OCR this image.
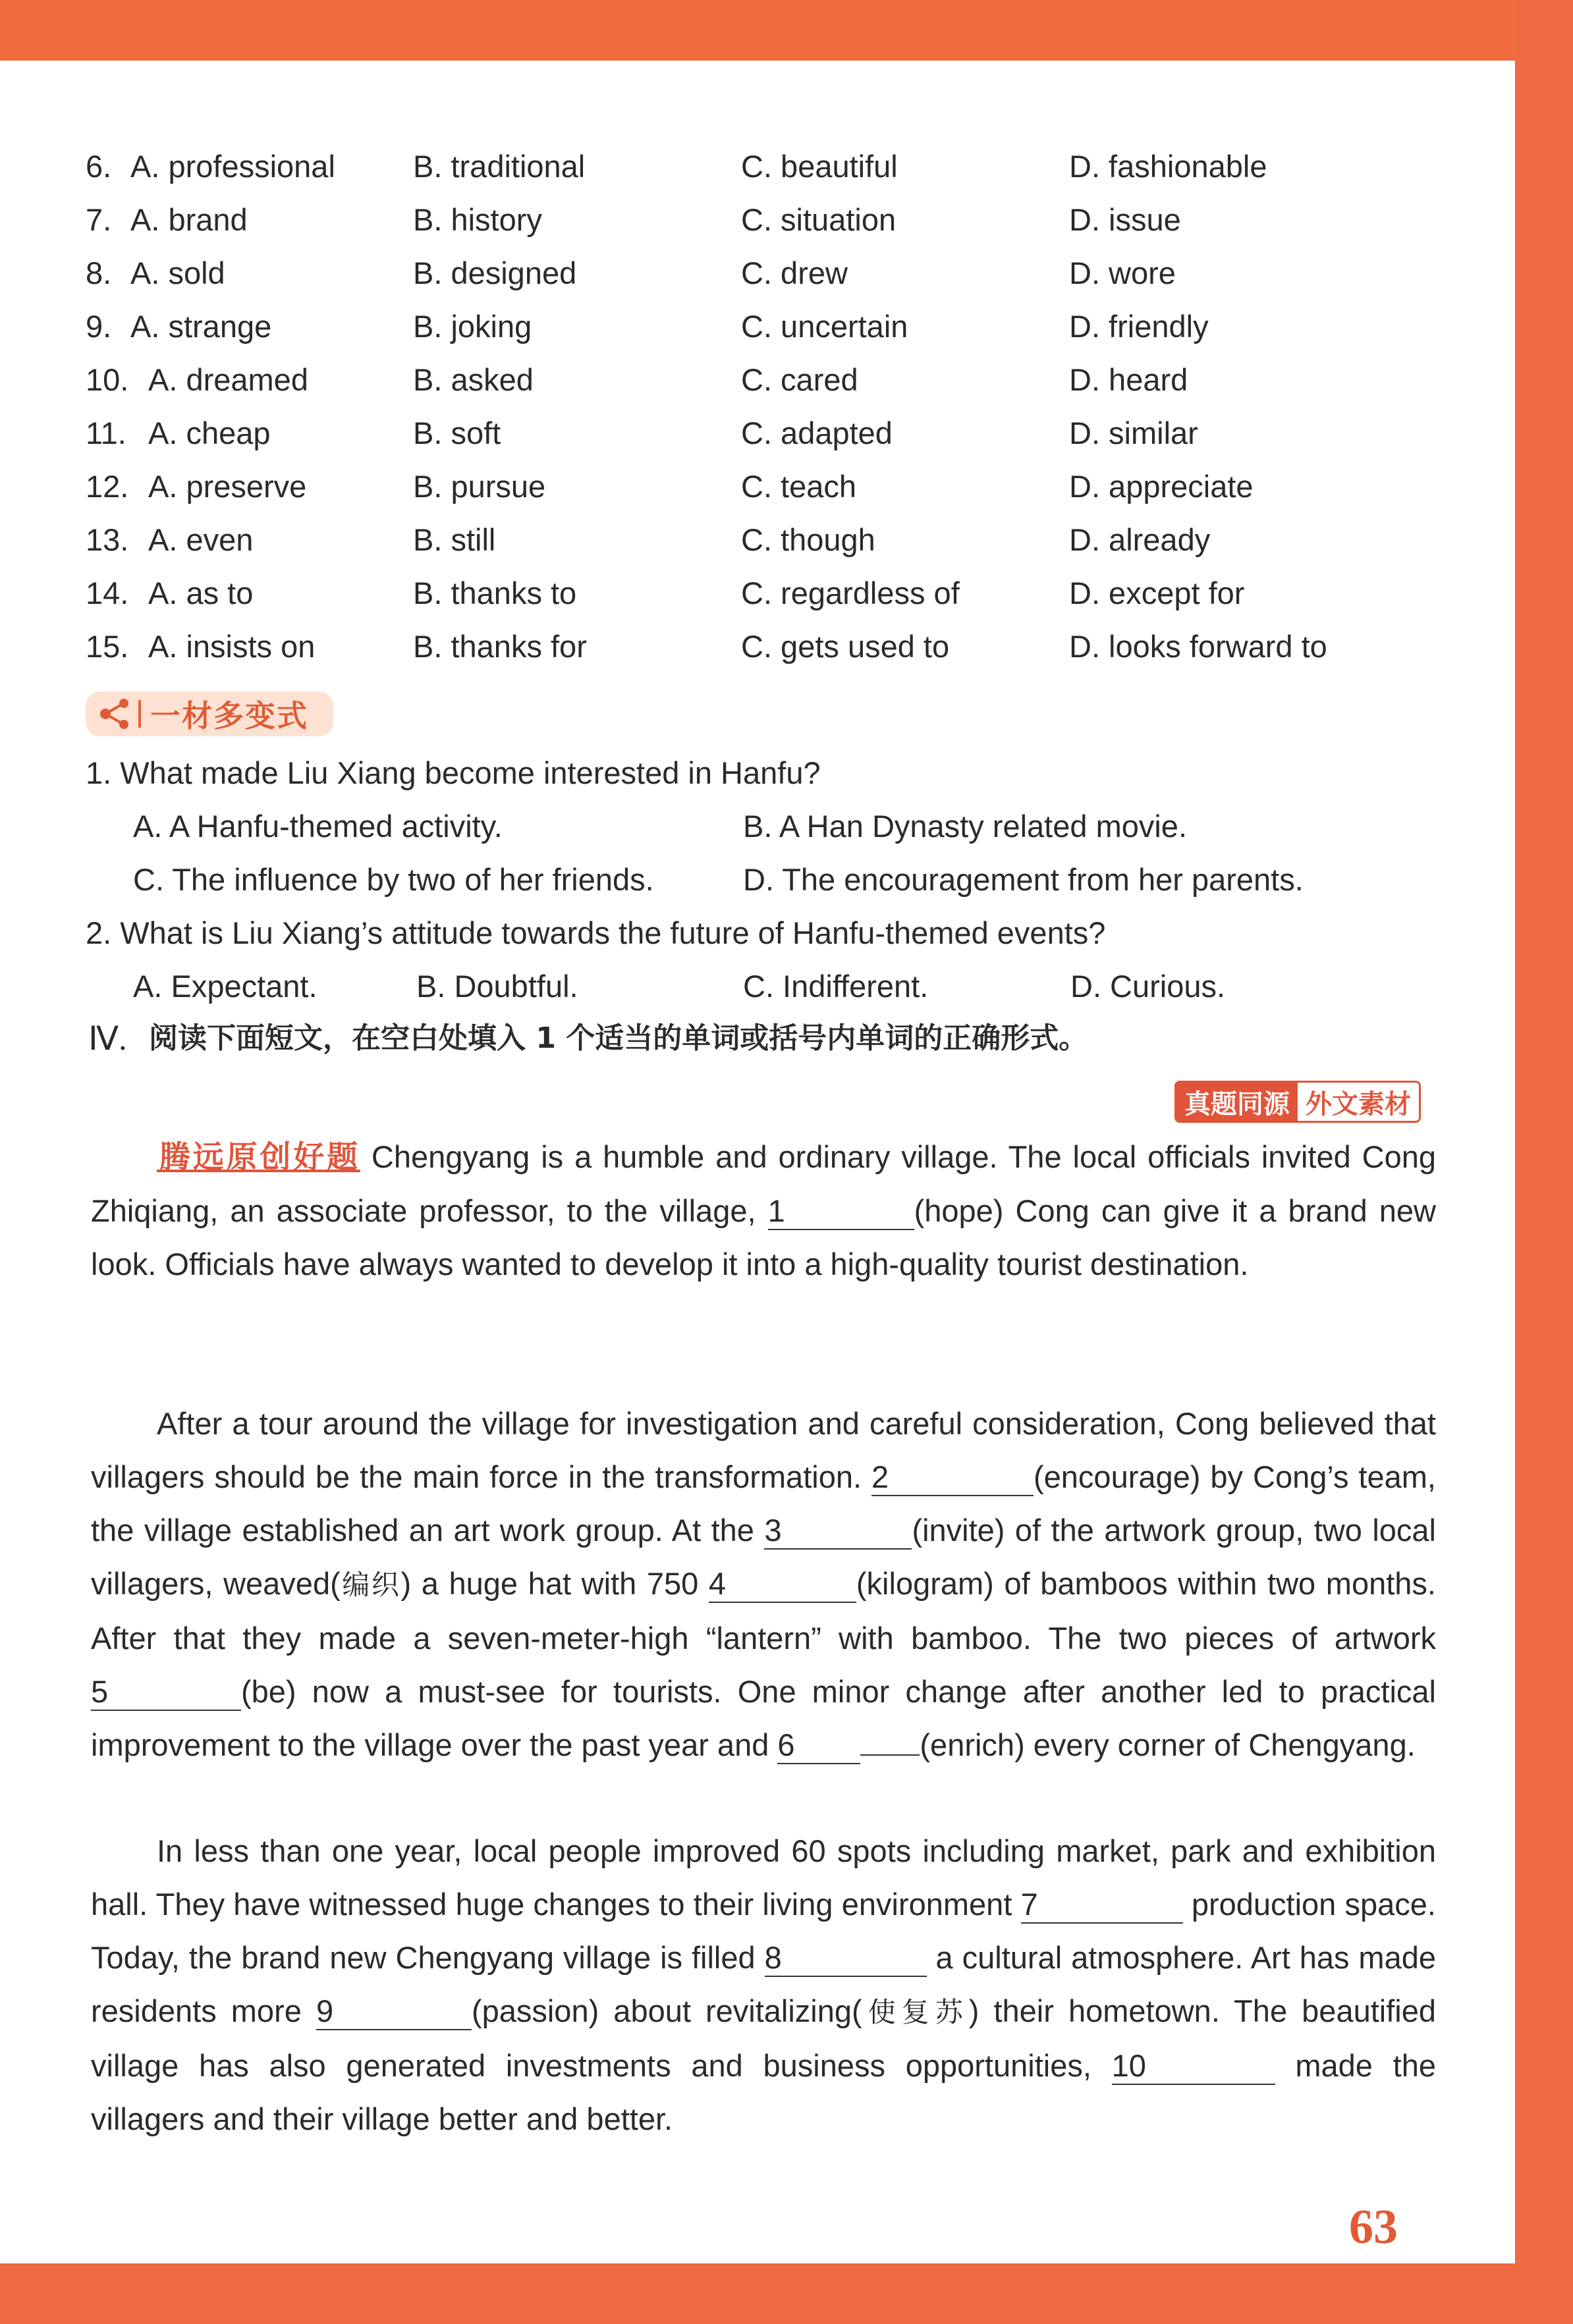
6. A. professional	B. traditional	C. beautiful	D. fashionable
7. A. brand	B. history	C. situation	D. issue
8. A. sold	B. designed	C. drew	D. wore
9. A. strange	B. joking	C. uncertain	D. friendly
10. A. dreamed	B. asked	C. cared	D. heard
11. A. cheap	B. soft	C. adapted	D. similar
12. A. preserve	B. pursue	C. teach	D. appreciate
13. A. even	B. still	C. though	D. already
14. A. as to	B. thanks to	C. regardless of	D. except for
15. A. insists on	B. thanks for	C. gets used to	D. looks forward to
一材多变式
1. What made Liu Xiang become interested in Hanfu?
A. A Hanfu-themed activity.	B. A Han Dynasty related movie.
C. The influence by two of her friends.	D. The encouragement from her parents.
2. What is Liu Xiang’s attitude towards the future of Hanfu-themed events?
A. Expectant.	B. Doubtful.	C. Indifferent.	D. Curious.
Ⅳ. 阅读下面短文，在空白处填入 1 个适当的单词或括号内单词的正确形式。
真题同源 外文素材
腾远原创好题 Chengyang is a humble and ordinary village. The local officials invited Cong Zhiqiang, an associate professor, to the village, 1	(hope) Cong can give it a brand new look. Officials have always wanted to develop it into a high-quality tourist destination.
After a tour around the village for investigation and careful consideration, Cong believed that villagers should be the main force in the transformation. 2	(encourage) by Cong’s team, the village established an art work group. At the 3	(invite) of the artwork group, two local villagers, weaved(编织) a huge hat with 750 4	(kilogram) of bamboos within two months. After that they made a seven-meter-high “lantern” with bamboo. The two pieces of artwork 5	(be) now a must-see for tourists. One minor change after another led to practical improvement to the village over the past year and 6	(enrich) every corner of Chengyang.
In less than one year, local people improved 60 spots including market, park and exhibition hall. They have witnessed huge changes to their living environment 7	production space. Today, the brand new Chengyang village is filled 8	a cultural atmosphere. Art has made residents more 9	(passion) about revitalizing(使复苏) their hometown. The beautified village has also generated investments and business opportunities, 10	made the villagers and their village better and better.
63
